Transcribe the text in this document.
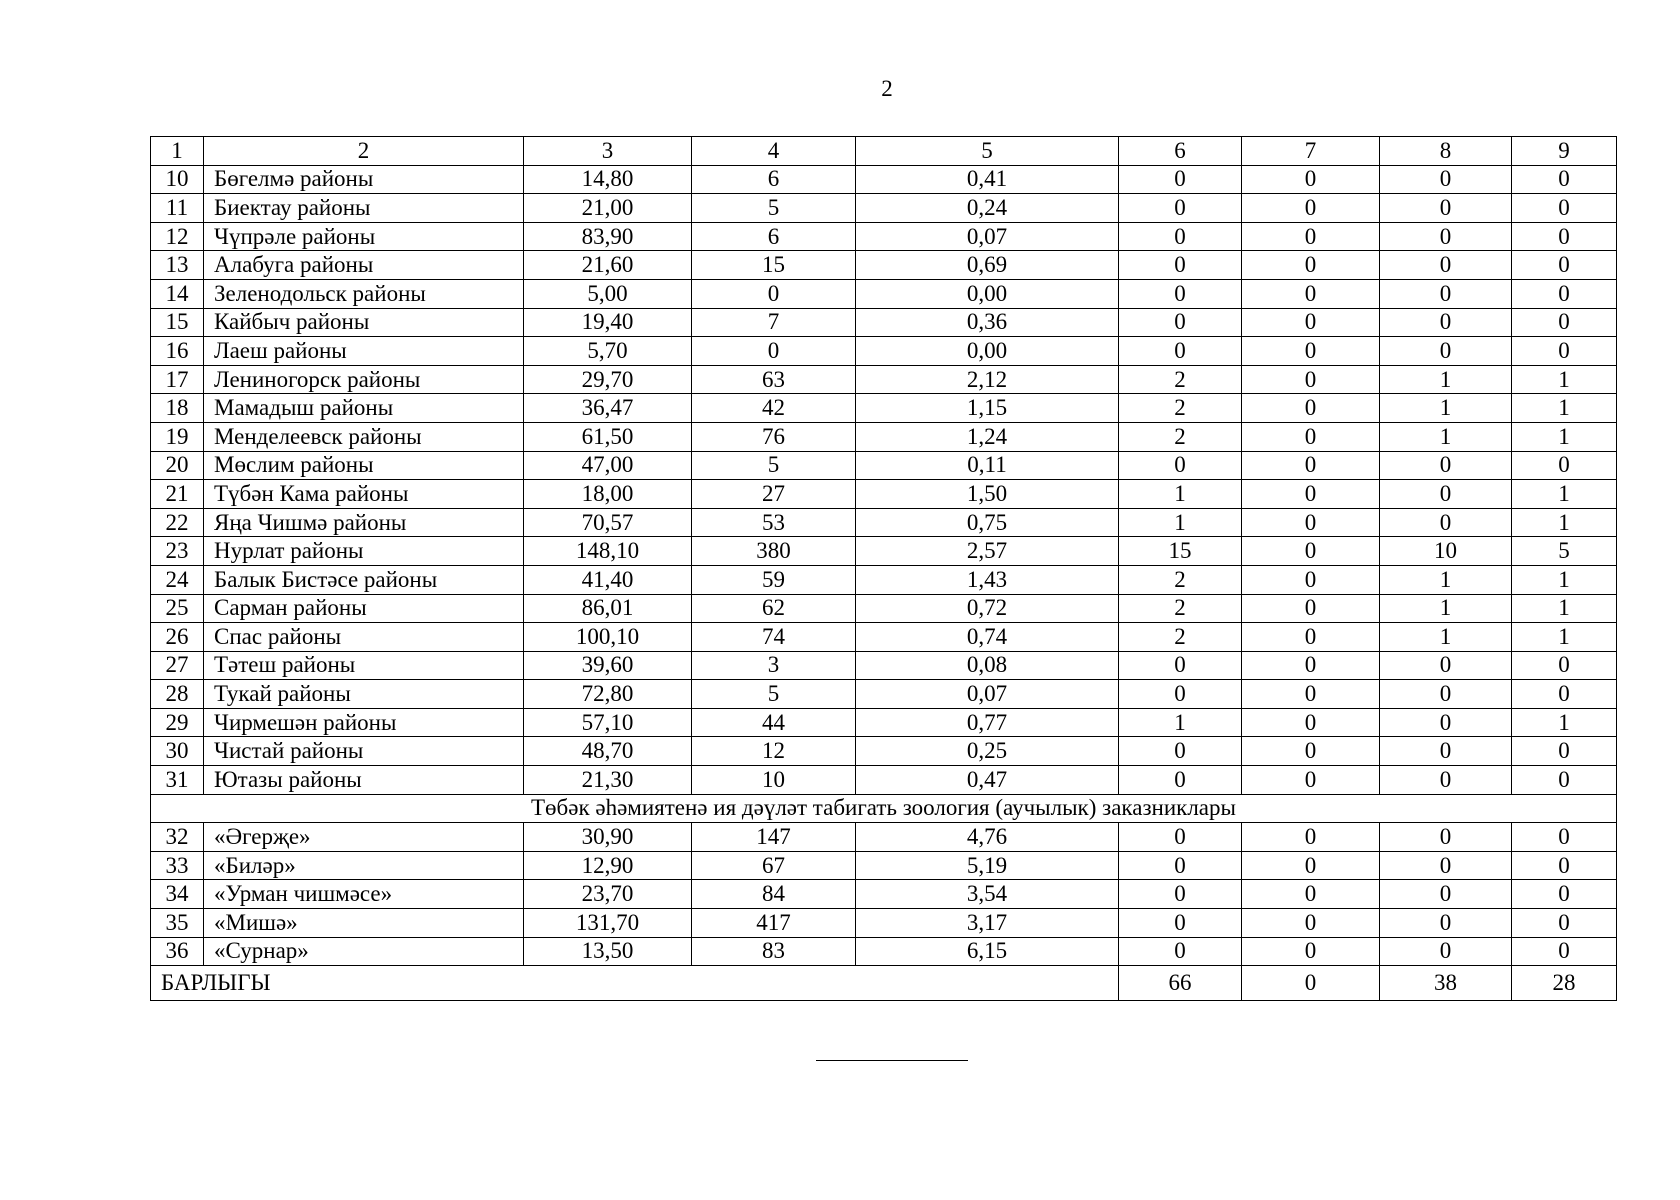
2
1	2	3	4	5	6	7	8	9
10	Бөгелмә районы	14,80	6	0,41	0	0	0	0
11	Биектау районы	21,00	5	0,24	0	0	0	0
12	Чүпрәле районы	83,90	6	0,07	0	0	0	0
13	Алабуга районы	21,60	15	0,69	0	0	0	0
14	Зеленодольск районы	5,00	0	0,00	0	0	0	0
15	Кайбыч районы	19,40	7	0,36	0	0	0	0
16	Лаеш районы	5,70	0	0,00	0	0	0	0
17	Лениногорск районы	29,70	63	2,12	2	0	1	1
18	Мамадыш районы	36,47	42	1,15	2	0	1	1
19	Менделеевск районы	61,50	76	1,24	2	0	1	1
20	Мөслим районы	47,00	5	0,11	0	0	0	0
21	Түбән Кама районы	18,00	27	1,50	1	0	0	1
22	Яңа Чишмә районы	70,57	53	0,75	1	0	0	1
23	Нурлат районы	148,10	380	2,57	15	0	10	5
24	Балык Бистәсе районы	41,40	59	1,43	2	0	1	1
25	Сарман районы	86,01	62	0,72	2	0	1	1
26	Спас районы	100,10	74	0,74	2	0	1	1
27	Тәтеш районы	39,60	3	0,08	0	0	0	0
28	Тукай районы	72,80	5	0,07	0	0	0	0
29	Чирмешән районы	57,10	44	0,77	1	0	0	1
30	Чистай районы	48,70	12	0,25	0	0	0	0
31	Ютазы районы	21,30	10	0,47	0	0	0	0
Төбәк әһәмиятенә ия дәүләт табигать зоология (аучылык) заказниклары								
32	«Әгерҗе»	30,90	147	4,76	0	0	0	0
33	«Биләр»	12,90	67	5,19	0	0	0	0
34	«Урман чишмәсе»	23,70	84	3,54	0	0	0	0
35	«Мишә»	131,70	417	3,17	0	0	0	0
36	«Сурнар»	13,50	83	6,15	0	0	0	0
БАРЛЫГЫ					66	0	38	28
